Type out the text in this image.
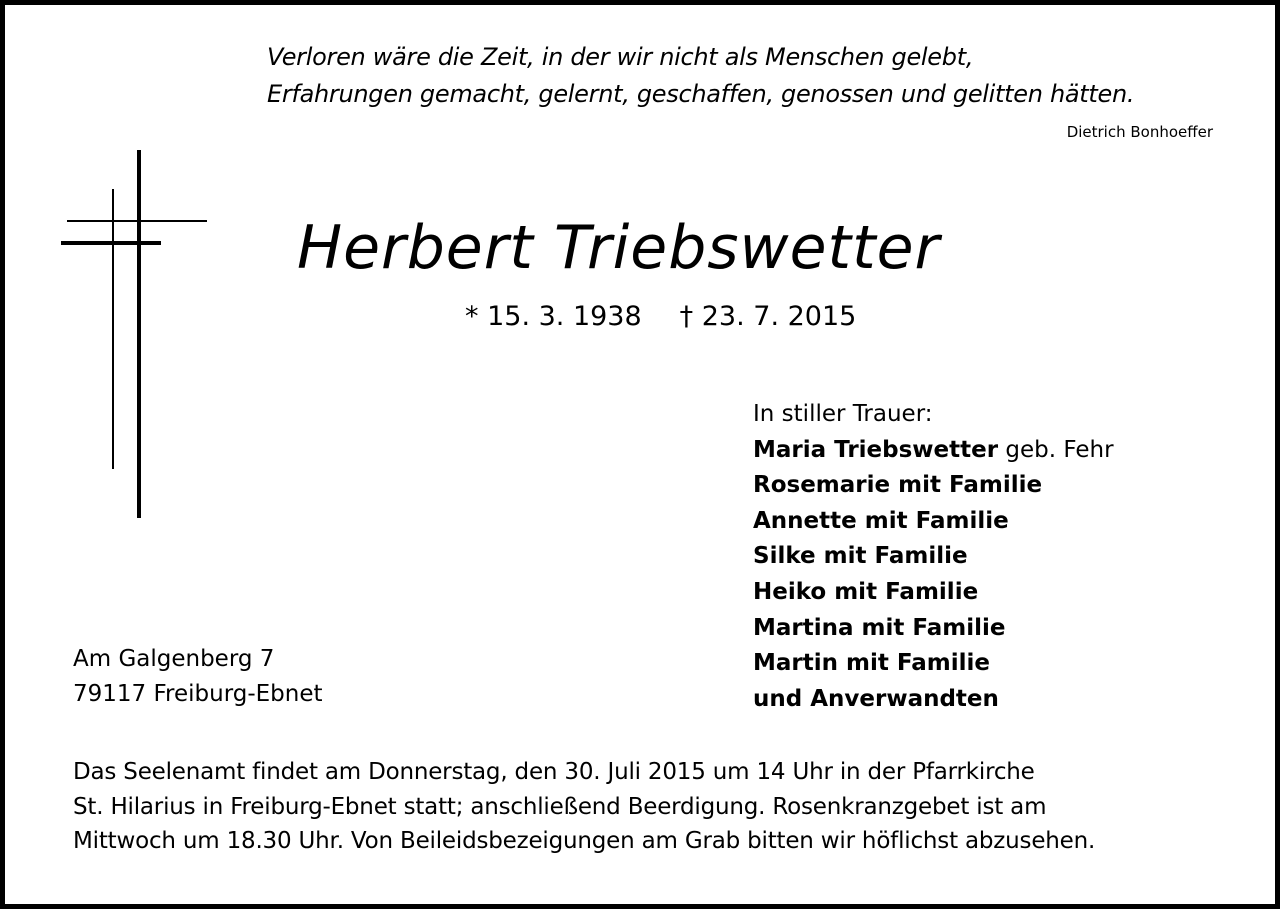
Verloren wäre die Zeit, in der wir nicht als Menschen gelebt,
Erfahrungen gemacht, gelernt, geschaffen, genossen und gelitten hätten.
Dietrich Bonhoeffer
Herbert Triebswetter
* 15. 3. 1938 † 23. 7. 2015
In stiller Trauer:
Maria Triebswetter geb. Fehr
Rosemarie mit Familie
Annette mit Familie
Silke mit Familie
Heiko mit Familie
Martina mit Familie
Martin mit Familie
und Anverwandten
Am Galgenberg 7
79117 Freiburg-Ebnet
Das Seelenamt findet am Donnerstag, den 30. Juli 2015 um 14 Uhr in der Pfarrkirche
St. Hilarius in Freiburg-Ebnet statt; anschließend Beerdigung. Rosenkranzgebet ist am
Mittwoch um 18.30 Uhr. Von Beileidsbezeigungen am Grab bitten wir höflichst abzusehen.
